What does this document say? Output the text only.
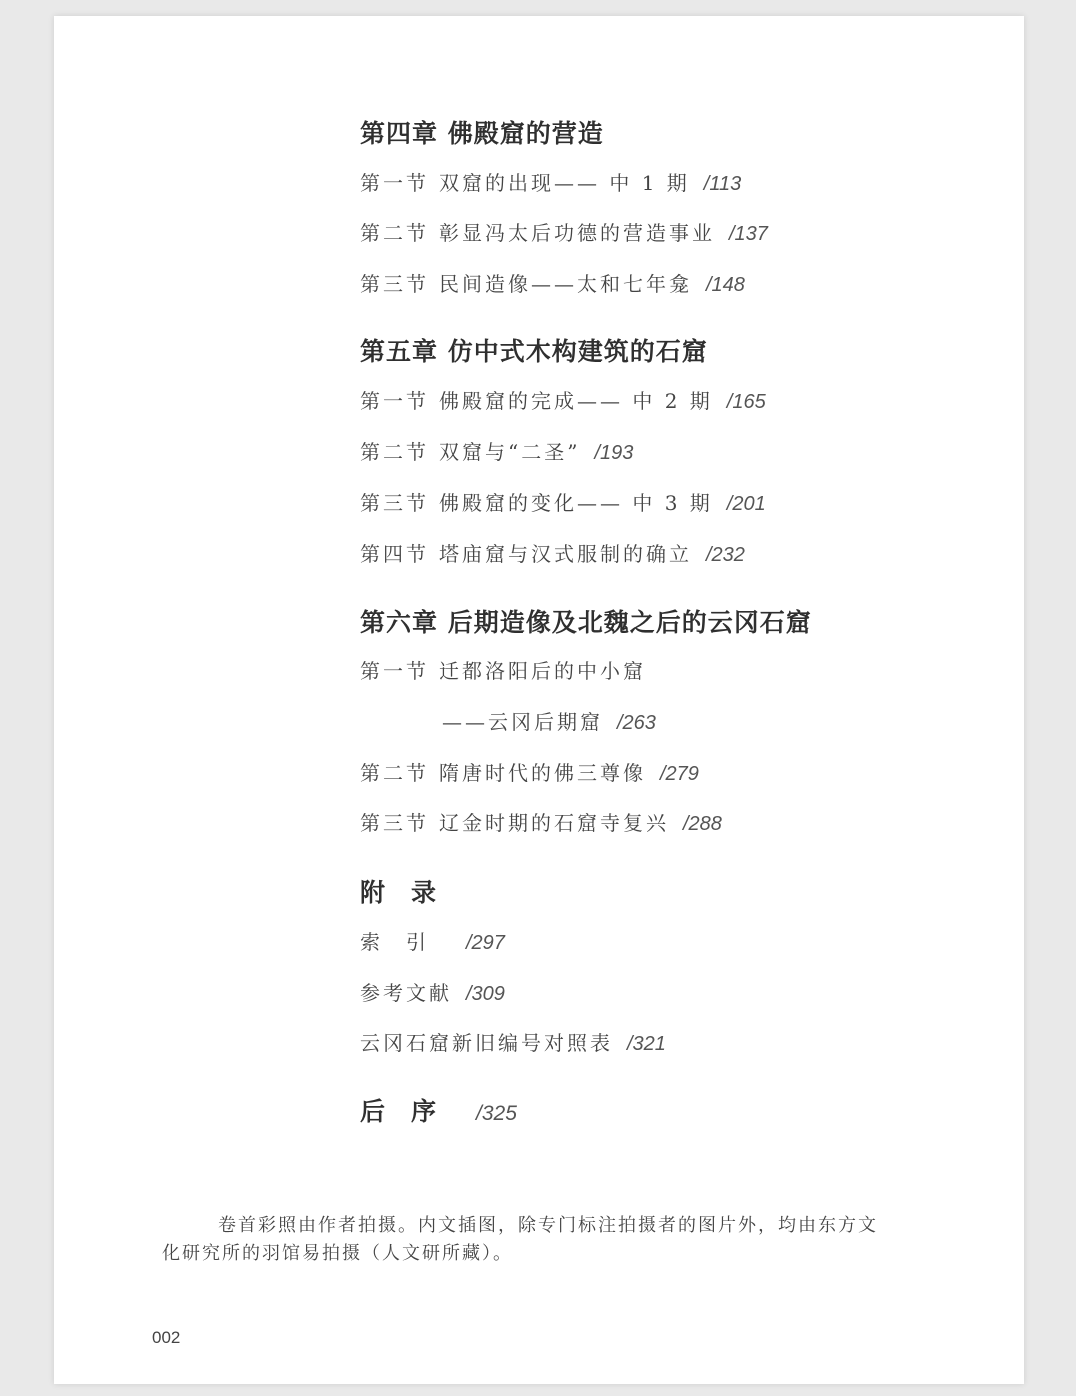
第四章 佛殿窟的营造
第一节 双窟的出现—— 中 1 期 /113
第二节 彰显冯太后功德的营造事业 /137
第三节 民间造像——太和七年龛 /148
第五章 仿中式木构建筑的石窟
第一节 佛殿窟的完成—— 中 2 期 /165
第二节 双窟与“二圣” /193
第三节 佛殿窟的变化—— 中 3 期 /201
第四节 塔庙窟与汉式服制的确立 /232
第六章 后期造像及北魏之后的云冈石窟
第一节 迁都洛阳后的中小窟
——云冈后期窟 /263
第二节 隋唐时代的佛三尊像 /279
第三节 辽金时期的石窟寺复兴 /288
附录
索引 /297
参考文献 /309
云冈石窟新旧编号对照表 /321
后序 /325
卷首彩照由作者拍摄。内文插图，除专门标注拍摄者的图片外，均由东方文化研究所的羽馆易拍摄（人文研所藏）。
002
